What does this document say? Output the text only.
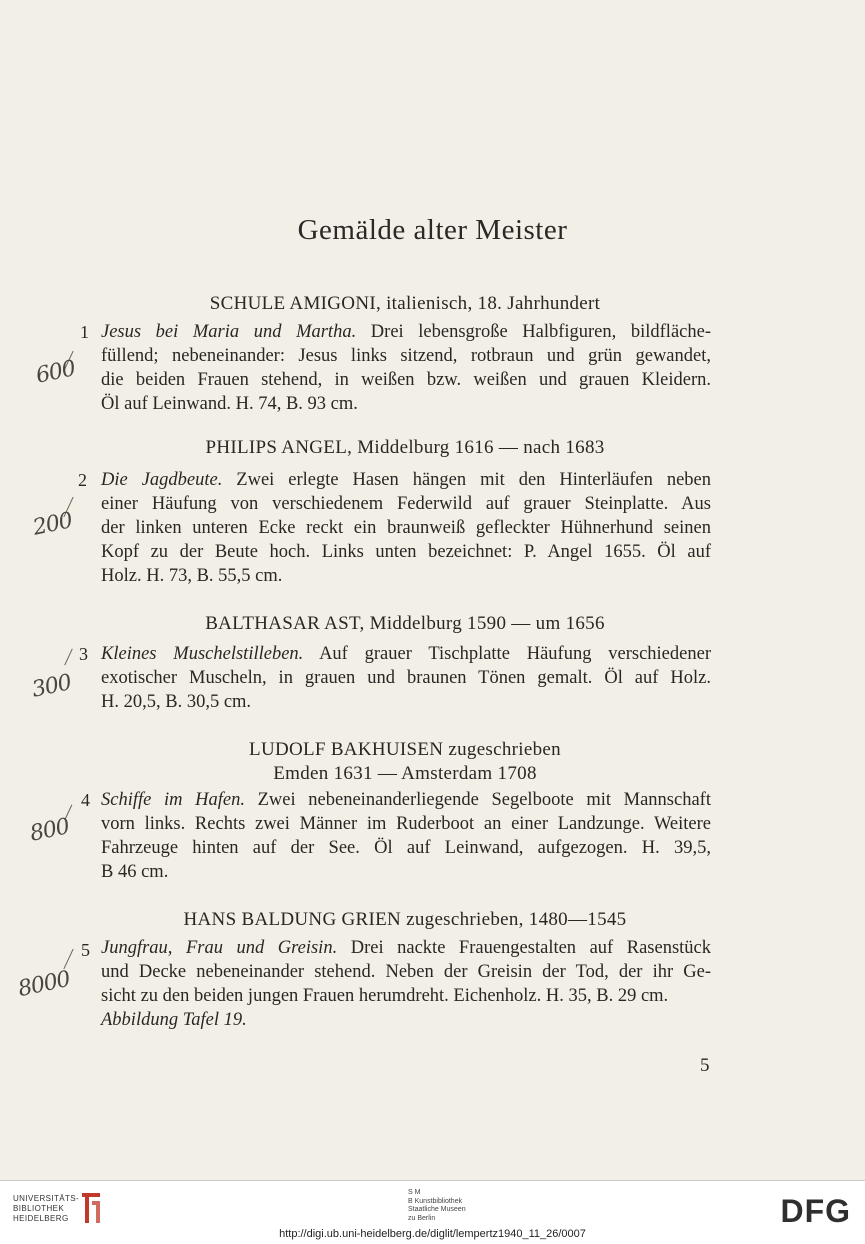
Gemälde alter Meister
SCHULE AMIGONI, italienisch, 18. Jahrhundert
1 Jesus bei Maria und Martha. Drei lebensgroße Halbfiguren, bildfläche-
füllend; nebeneinander: Jesus links sitzend, rotbraun und grün gewandet,
die beiden Frauen stehend, in weißen bzw. weißen und grauen Kleidern.
Öl auf Leinwand. H. 74, B. 93 cm.
600
PHILIPS ANGEL, Middelburg 1616 — nach 1683
2 Die Jagdbeute. Zwei erlegte Hasen hängen mit den Hinterläufen neben
einer Häufung von verschiedenem Federwild auf grauer Steinplatte. Aus
der linken unteren Ecke reckt ein braunweiß gefleckter Hühnerhund seinen
Kopf zu der Beute hoch. Links unten bezeichnet: P. Angel 1655. Öl auf
Holz. H. 73, B. 55,5 cm.
200
BALTHASAR AST, Middelburg 1590 — um 1656
3 Kleines Muschelstilleben. Auf grauer Tischplatte Häufung verschiedener
exotischer Muscheln, in grauen und braunen Tönen gemalt. Öl auf Holz.
H. 20,5, B. 30,5 cm.
300
LUDOLF BAKHUISEN zugeschrieben
Emden 1631 — Amsterdam 1708
4 Schiffe im Hafen. Zwei nebeneinanderliegende Segelboote mit Mannschaft
vorn links. Rechts zwei Männer im Ruderboot an einer Landzunge. Weitere
Fahrzeuge hinten auf der See. Öl auf Leinwand, aufgezogen. H. 39,5,
B 46 cm.
800
HANS BALDUNG GRIEN zugeschrieben, 1480—1545
5 Jungfrau, Frau und Greisin. Drei nackte Frauengestalten auf Rasenstück
und Decke nebeneinander stehend. Neben der Greisin der Tod, der ihr Ge-
sicht zu den beiden jungen Frauen herumdreht. Eichenholz. H. 35, B. 29 cm.
Abbildung Tafel 19.
8000
5
UNIVERSITÄTS-
BIBLIOTHEK
HEIDELBERG
S M
B Kunstbibliothek
Staatliche Museen
zu Berlin	DFG
http://digi.ub.uni-heidelberg.de/diglit/lempertz1940_11_26/0007
